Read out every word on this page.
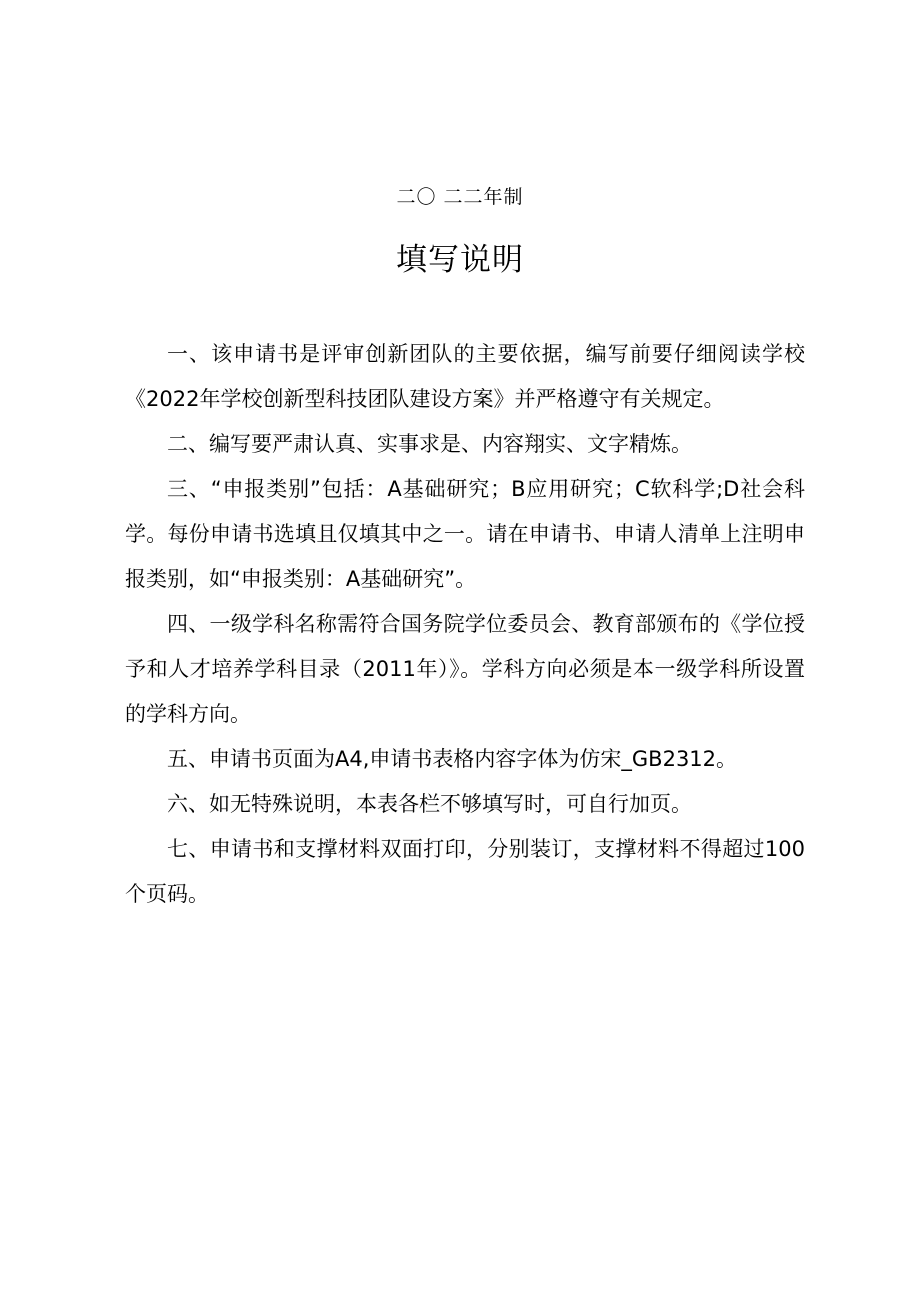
二〇 二二年制
填写说明

一、该申请书是评审创新团队的主要依据，编写前要仔细阅读学校《2022年学校创新型科技团队建设方案》并严格遵守有关规定。

二、编写要严肃认真、实事求是、内容翔实、文字精炼。

三、“申报类别”包括：A基础研究；B应用研究；C软科学;D社会科学。每份申请书选填且仅填其中之一。请在申请书、申请人清单上注明申报类别，如“申报类别：A基础研究”。

四、一级学科名称需符合国务院学位委员会、教育部颁布的《学位授予和人才培养学科目录（2011年）》。学科方向必须是本一级学科所设置的学科方向。

五、申请书页面为A4,申请书表格内容字体为仿宋_GB2312。

六、如无特殊说明，本表各栏不够填写时，可自行加页。

七、申请书和支撑材料双面打印，分别装订，支撑材料不得超过100个页码。
